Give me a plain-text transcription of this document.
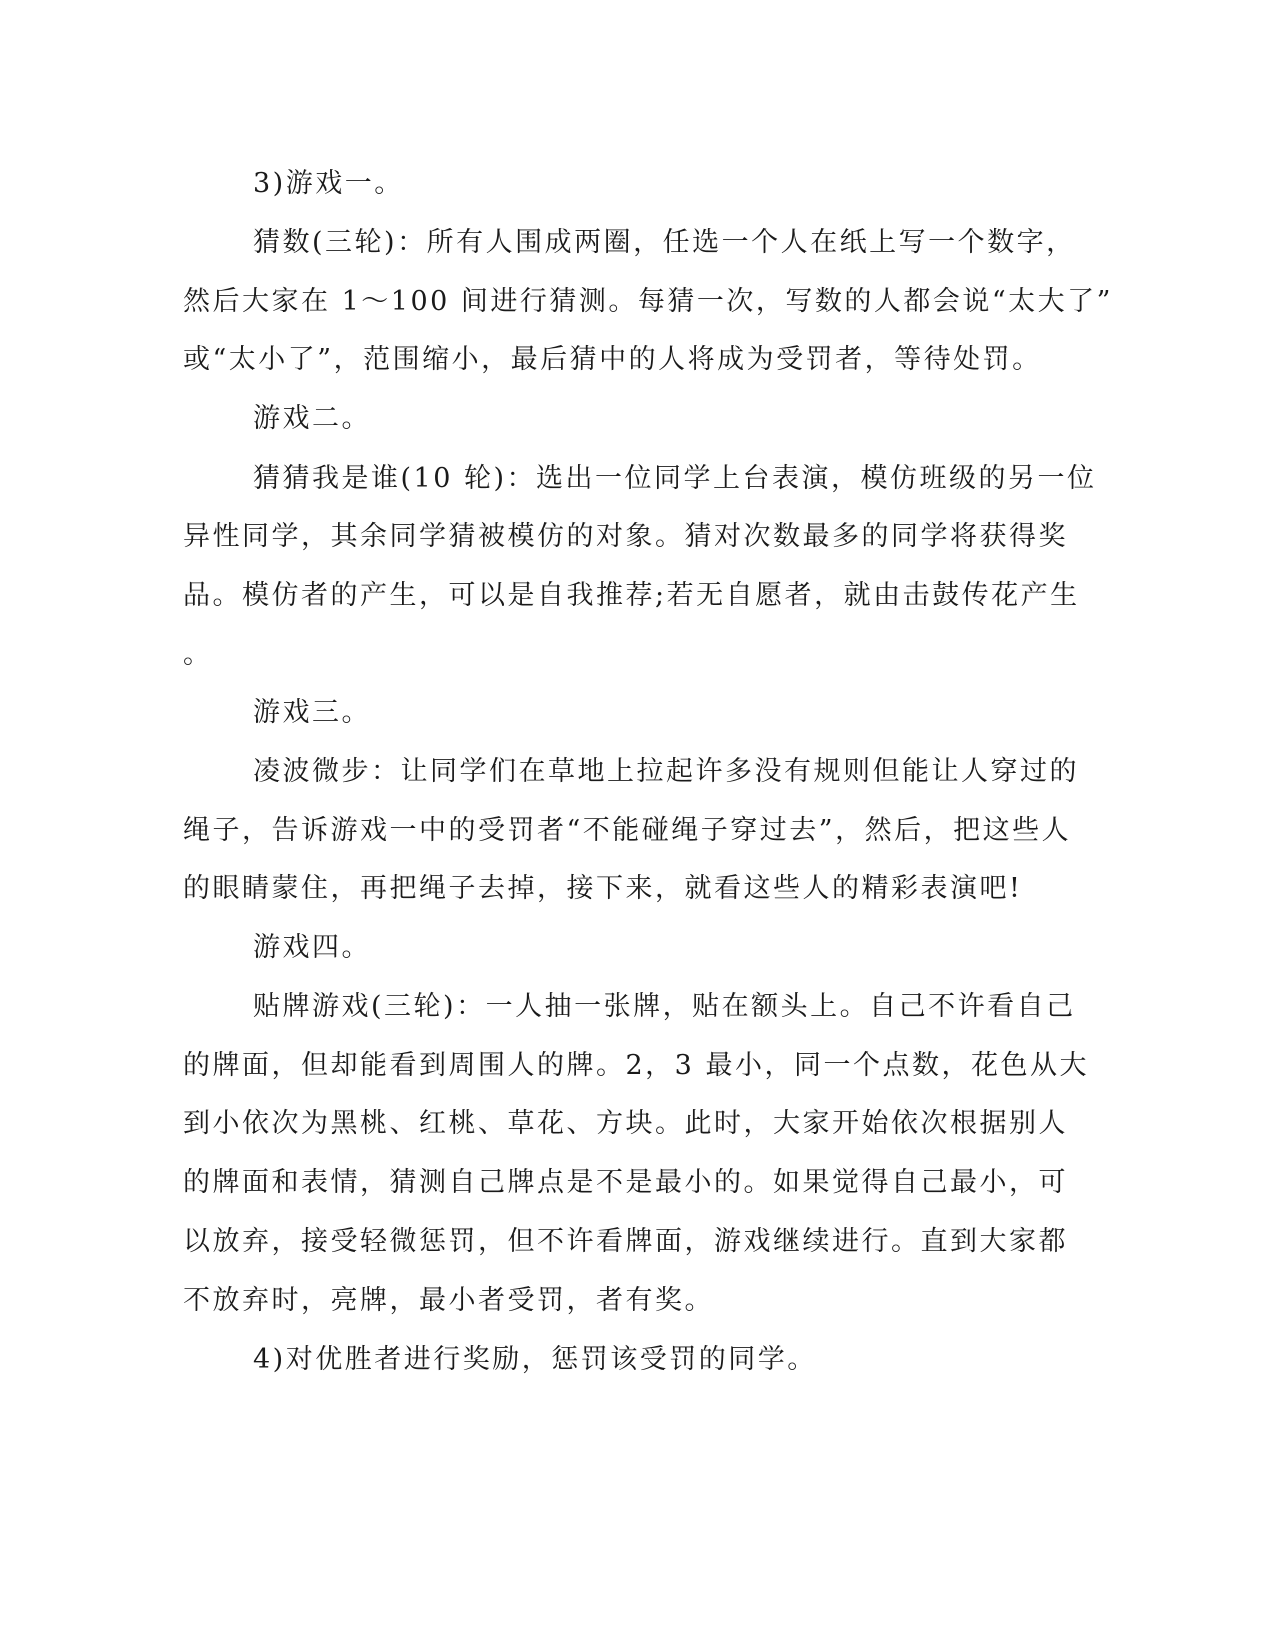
3)游戏一。
猜数(三轮)：所有人围成两圈，任选一个人在纸上写一个数字，
然后大家在 1～100 间进行猜测。每猜一次，写数的人都会说“太大了”
或“太小了”，范围缩小，最后猜中的人将成为受罚者，等待处罚。
游戏二。
猜猜我是谁(10 轮)：选出一位同学上台表演，模仿班级的另一位
异性同学，其余同学猜被模仿的对象。猜对次数最多的同学将获得奖
品。模仿者的产生，可以是自我推荐;若无自愿者，就由击鼓传花产生
。
游戏三。
凌波微步：让同学们在草地上拉起许多没有规则但能让人穿过的
绳子，告诉游戏一中的受罚者“不能碰绳子穿过去”，然后，把这些人
的眼睛蒙住，再把绳子去掉，接下来，就看这些人的精彩表演吧!
游戏四。
贴牌游戏(三轮)：一人抽一张牌，贴在额头上。自己不许看自己
的牌面，但却能看到周围人的牌。2，3 最小，同一个点数，花色从大
到小依次为黑桃、红桃、草花、方块。此时，大家开始依次根据别人
的牌面和表情，猜测自己牌点是不是最小的。如果觉得自己最小，可
以放弃，接受轻微惩罚，但不许看牌面，游戏继续进行。直到大家都
不放弃时，亮牌，最小者受罚，者有奖。
4)对优胜者进行奖励，惩罚该受罚的同学。
